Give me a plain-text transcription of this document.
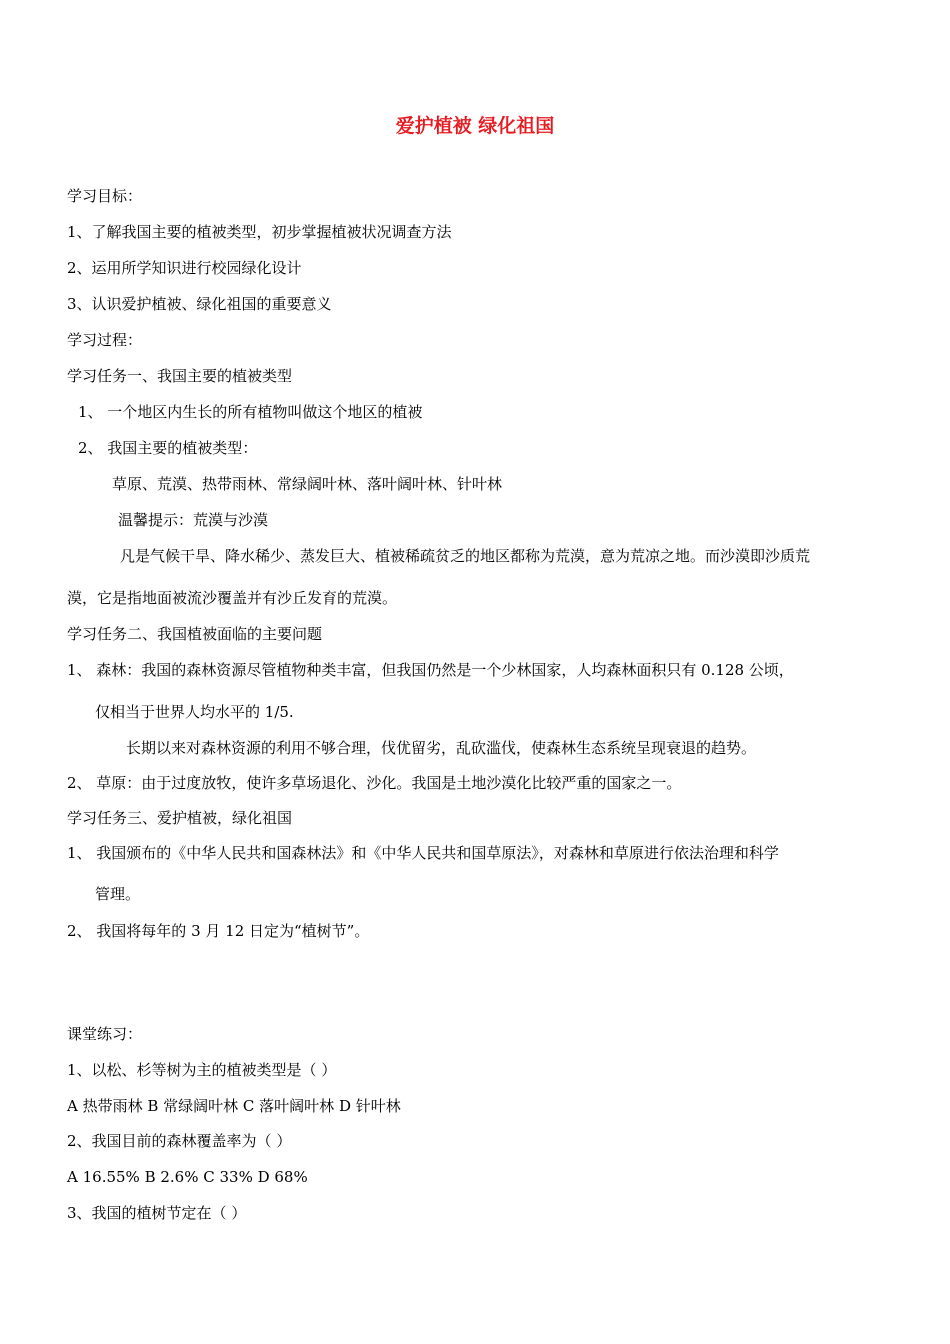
爱护植被 绿化祖国
学习目标：
1、了解我国主要的植被类型，初步掌握植被状况调查方法
2、运用所学知识进行校园绿化设计
3、认识爱护植被、绿化祖国的重要意义
学习过程：
学习任务一、我国主要的植被类型
1、 一个地区内生长的所有植物叫做这个地区的植被
2、 我国主要的植被类型：
草原、荒漠、热带雨林、常绿阔叶林、落叶阔叶林、针叶林
温馨提示：荒漠与沙漠
凡是气候干旱、降水稀少、蒸发巨大、植被稀疏贫乏的地区都称为荒漠，意为荒凉之地。而沙漠即沙质荒
漠，它是指地面被流沙覆盖并有沙丘发育的荒漠。
学习任务二、我国植被面临的主要问题
1、 森林：我国的森林资源尽管植物种类丰富，但我国仍然是一个少林国家，人均森林面积只有 0.128 公顷，
仅相当于世界人均水平的 1/5.
长期以来对森林资源的利用不够合理，伐优留劣，乱砍滥伐，使森林生态系统呈现衰退的趋势。
2、 草原：由于过度放牧，使许多草场退化、沙化。我国是土地沙漠化比较严重的国家之一。
学习任务三、爱护植被，绿化祖国
1、 我国颁布的《中华人民共和国森林法》和《中华人民共和国草原法》，对森林和草原进行依法治理和科学
管理。
2、 我国将每年的 3 月 12 日定为“植树节”。
课堂练习：
1、以松、杉等树为主的植被类型是（ ）
A 热带雨林 B 常绿阔叶林 C 落叶阔叶林 D 针叶林
2、我国目前的森林覆盖率为（ ）
A 16.55% B 2.6% C 33% D 68%
3、我国的植树节定在（ ）
